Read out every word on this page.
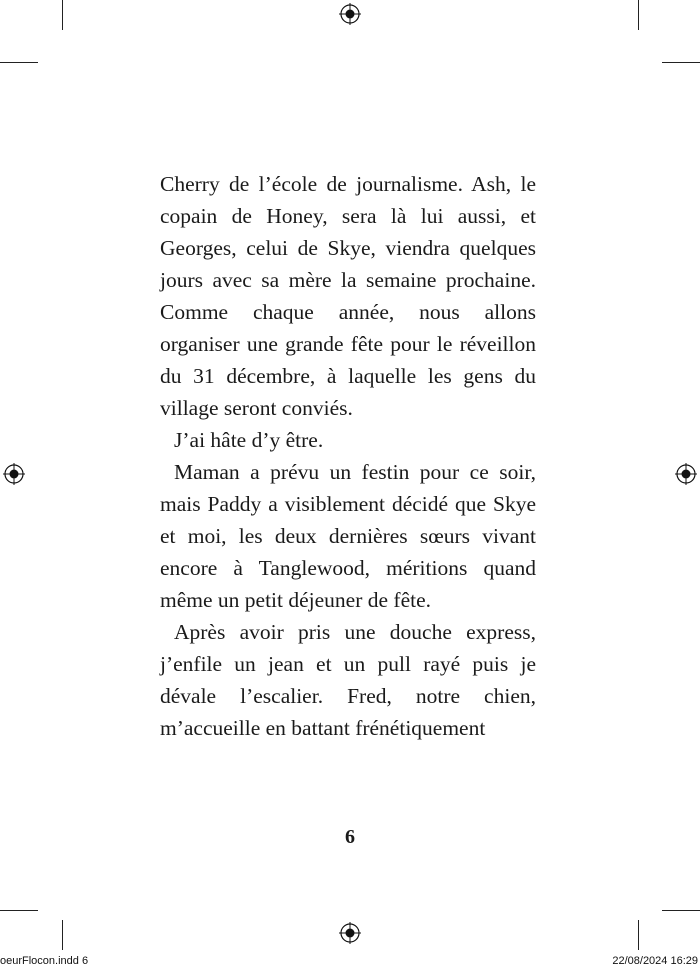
Cherry de l’école de journalisme. Ash, le copain de Honey, sera là lui aussi, et Georges, celui de Skye, viendra quelques jours avec sa mère la semaine prochaine. Comme chaque année, nous allons organiser une grande fête pour le réveillon du 31 décembre, à laquelle les gens du village seront conviés.

J’ai hâte d’y être.

Maman a prévu un festin pour ce soir, mais Paddy a visiblement décidé que Skye et moi, les deux dernières sœurs vivant encore à Tanglewood, méritions quand même un petit déjeuner de fête.

Après avoir pris une douche express, j’enfile un jean et un pull rayé puis je dévale l’escalier. Fred, notre chien, m’accueille en battant frénétiquement

6
oeurFlocon.indd 6	22/08/2024 16:29
